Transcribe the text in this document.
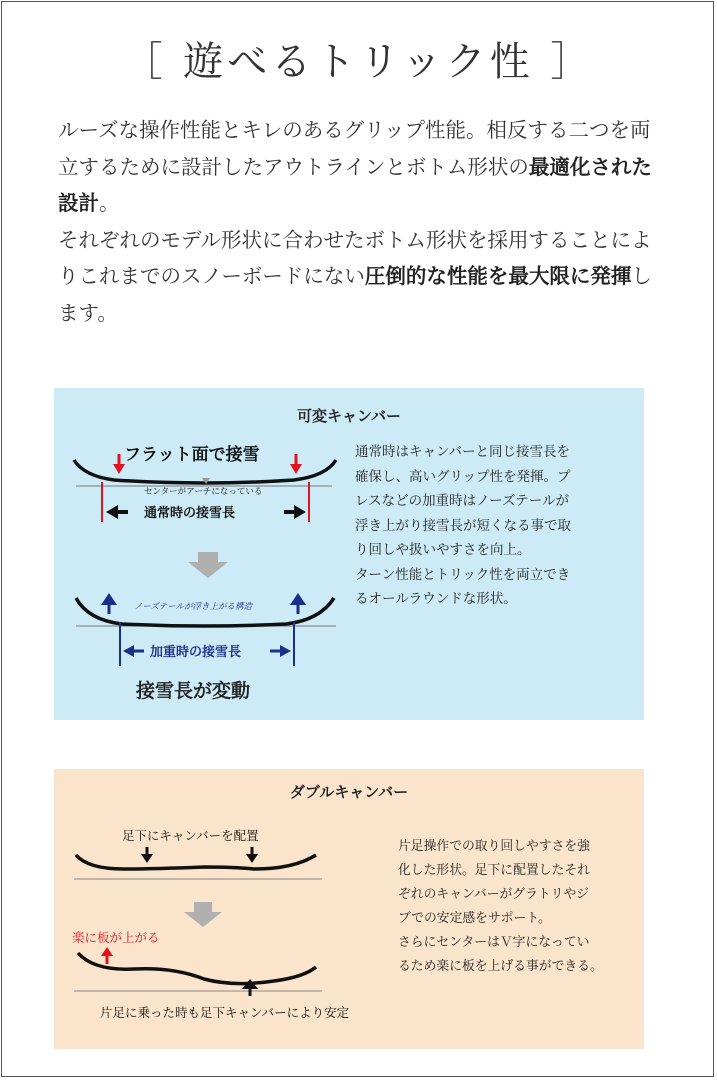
［ 遊べるトリック性 ］

ルーズな操作性能とキレのあるグリップ性能。相反する二つを両立するために設計したアウトラインとボトム形状の最適化された設計。

それぞれのモデル形状に合わせたボトム形状を採用することによりこれまでのスノーボードにない圧倒的な性能を最大限に発揮します。

可変キャンバー
フラット面で接雪
センターがアーチになっている
通常時の接雪長
ノーズテールが浮き上がる構造
加重時の接雪長
接雪長が変動
通常時はキャンバーと同じ接雪長を
確保し、高いグリップ性を発揮。プ
レスなどの加重時はノーズテールが
浮き上がり接雪長が短くなる事で取
り回しや扱いやすさを向上。
ターン性能とトリック性を両立でき
るオールラウンドな形状。
ダブルキャンバー
足下にキャンバーを配置
楽に板が上がる
片足に乗った時も足下キャンバーにより安定
片足操作での取り回しやすさを強
化した形状。足下に配置したそれ
ぞれのキャンバーがグラトリやジ
ブでの安定感をサポート。
さらにセンターはＶ字になってい
るため楽に板を上げる事ができる。
